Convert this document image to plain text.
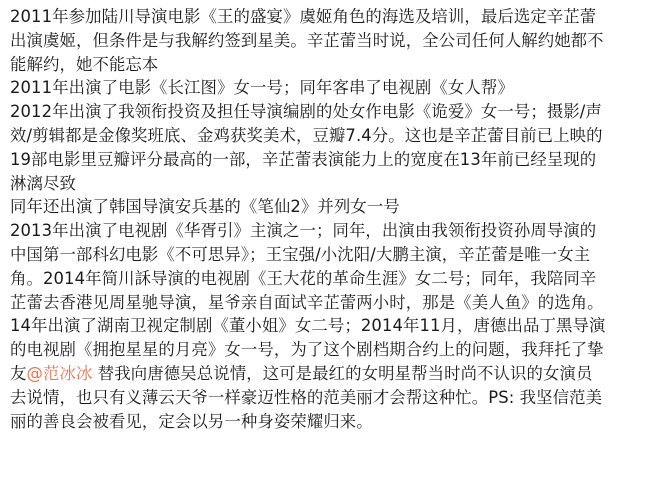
2011年参加陆川导演电影《王的盛宴》虞姬角色的海选及培训，最后选定辛芷蕾
出演虞姬，但条件是与我解约签到星美。辛芷蕾当时说，全公司任何人解约她都不
能解约，她不能忘本
2011年出演了电影《长江图》女一号；同年客串了电视剧《女人帮》
2012年出演了我领衔投资及担任导演编剧的处女作电影《诡爱》女一号；摄影/声
效/剪辑都是金像奖班底、金鸡获奖美术，豆瓣7.4分。这也是辛芷蕾目前已上映的
19部电影里豆瓣评分最高的一部，辛芷蕾表演能力上的宽度在13年前已经呈现的
淋漓尽致
同年还出演了韩国导演安兵基的《笔仙2》并列女一号
2013年出演了电视剧《华胥引》主演之一；同年，出演由我领衔投资孙周导演的
中国第一部科幻电影《不可思异》；王宝强/小沈阳/大鹏主演，辛芷蕾是唯一女主
角。2014年简川訸导演的电视剧《王大花的革命生涯》女二号；同年，我陪同辛
芷蕾去香港见周星驰导演，星爷亲自面试辛芷蕾两小时，那是《美人鱼》的选角。
14年出演了湖南卫视定制剧《董小姐》女二号；2014年11月，唐德出品丁黑导演
的电视剧《拥抱星星的月亮》女一号，为了这个剧档期合约上的问题，我拜托了挚
友@范冰冰 替我向唐德吴总说情，这可是最红的女明星帮当时尚不认识的女演员
去说情，也只有义薄云天爷一样豪迈性格的范美丽才会帮这种忙。PS: 我坚信范美
丽的善良会被看见，定会以另一种身姿荣耀归来。
